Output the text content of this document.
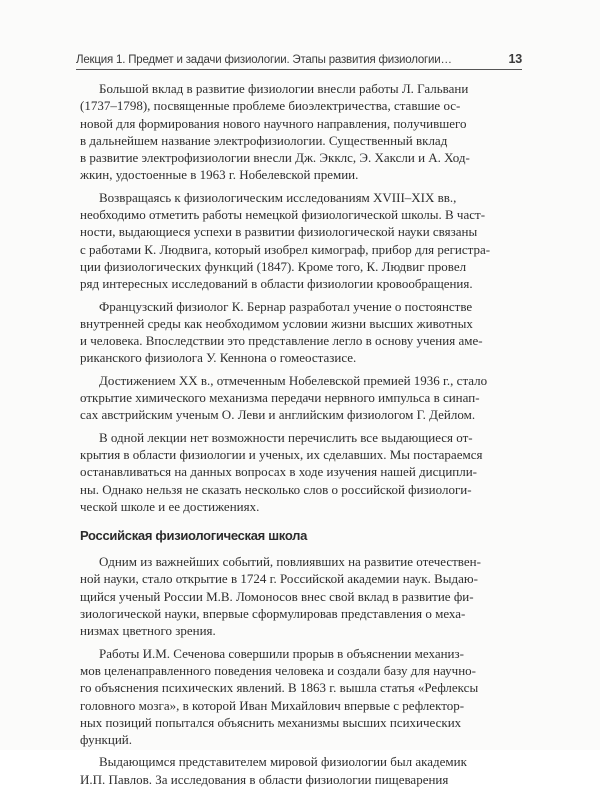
Лекция 1. Предмет и задачи физиологии. Этапы развития физиологии…	13

Большой вклад в развитие физиологии внесли работы Л. Гальвани
(1737–1798), посвященные проблеме биоэлектричества, ставшие ос-
новой для формирования нового научного направления, получившего
в дальнейшем название электрофизиологии. Существенный вклад
в развитие электрофизиологии внесли Дж. Экклс, Э. Хаксли и А. Ход-
жкин, удостоенные в 1963 г. Нобелевской премии.

Возвращаясь к физиологическим исследованиям XVIII–XIX вв.,
необходимо отметить работы немецкой физиологической школы. В част-
ности, выдающиеся успехи в развитии физиологической науки связаны
с работами К. Людвига, который изобрел кимограф, прибор для регистра-
ции физиологических функций (1847). Кроме того, К. Людвиг провел
ряд интересных исследований в области физиологии кровообращения.

Французский физиолог К. Бернар разработал учение о постоянстве
внутренней среды как необходимом условии жизни высших животных
и человека. Впоследствии это представление легло в основу учения аме-
риканского физиолога У. Кеннона о гомеостазисе.

Достижением XX в., отмеченным Нобелевской премией 1936 г., стало
открытие химического механизма передачи нервного импульса в синап-
сах австрийским ученым О. Леви и английским физиологом Г. Дейлом.

В одной лекции нет возможности перечислить все выдающиеся от-
крытия в области физиологии и ученых, их сделавших. Мы постараемся
останавливаться на данных вопросах в ходе изучения нашей дисципли-
ны. Однако нельзя не сказать несколько слов о российской физиологи-
ческой школе и ее достижениях.

Российская физиологическая школа

Одним из важнейших событий, повлиявших на развитие отечествен-
ной науки, стало открытие в 1724 г. Российской академии наук. Выдаю-
щийся ученый России М.В. Ломоносов внес свой вклад в развитие фи-
зиологической науки, впервые сформулировав представления о меха-
низмах цветного зрения.

Работы И.М. Сеченова совершили прорыв в объяснении механиз-
мов целенаправленного поведения человека и создали базу для научно-
го объяснения психических явлений. В 1863 г. вышла статья «Рефлексы
головного мозга», в которой Иван Михайлович впервые с рефлектор-
ных позиций попытался объяснить механизмы высших психических
функций.

Выдающимся представителем мировой физиологии был академик
И.П. Павлов. За исследования в области физиологии пищеварения
